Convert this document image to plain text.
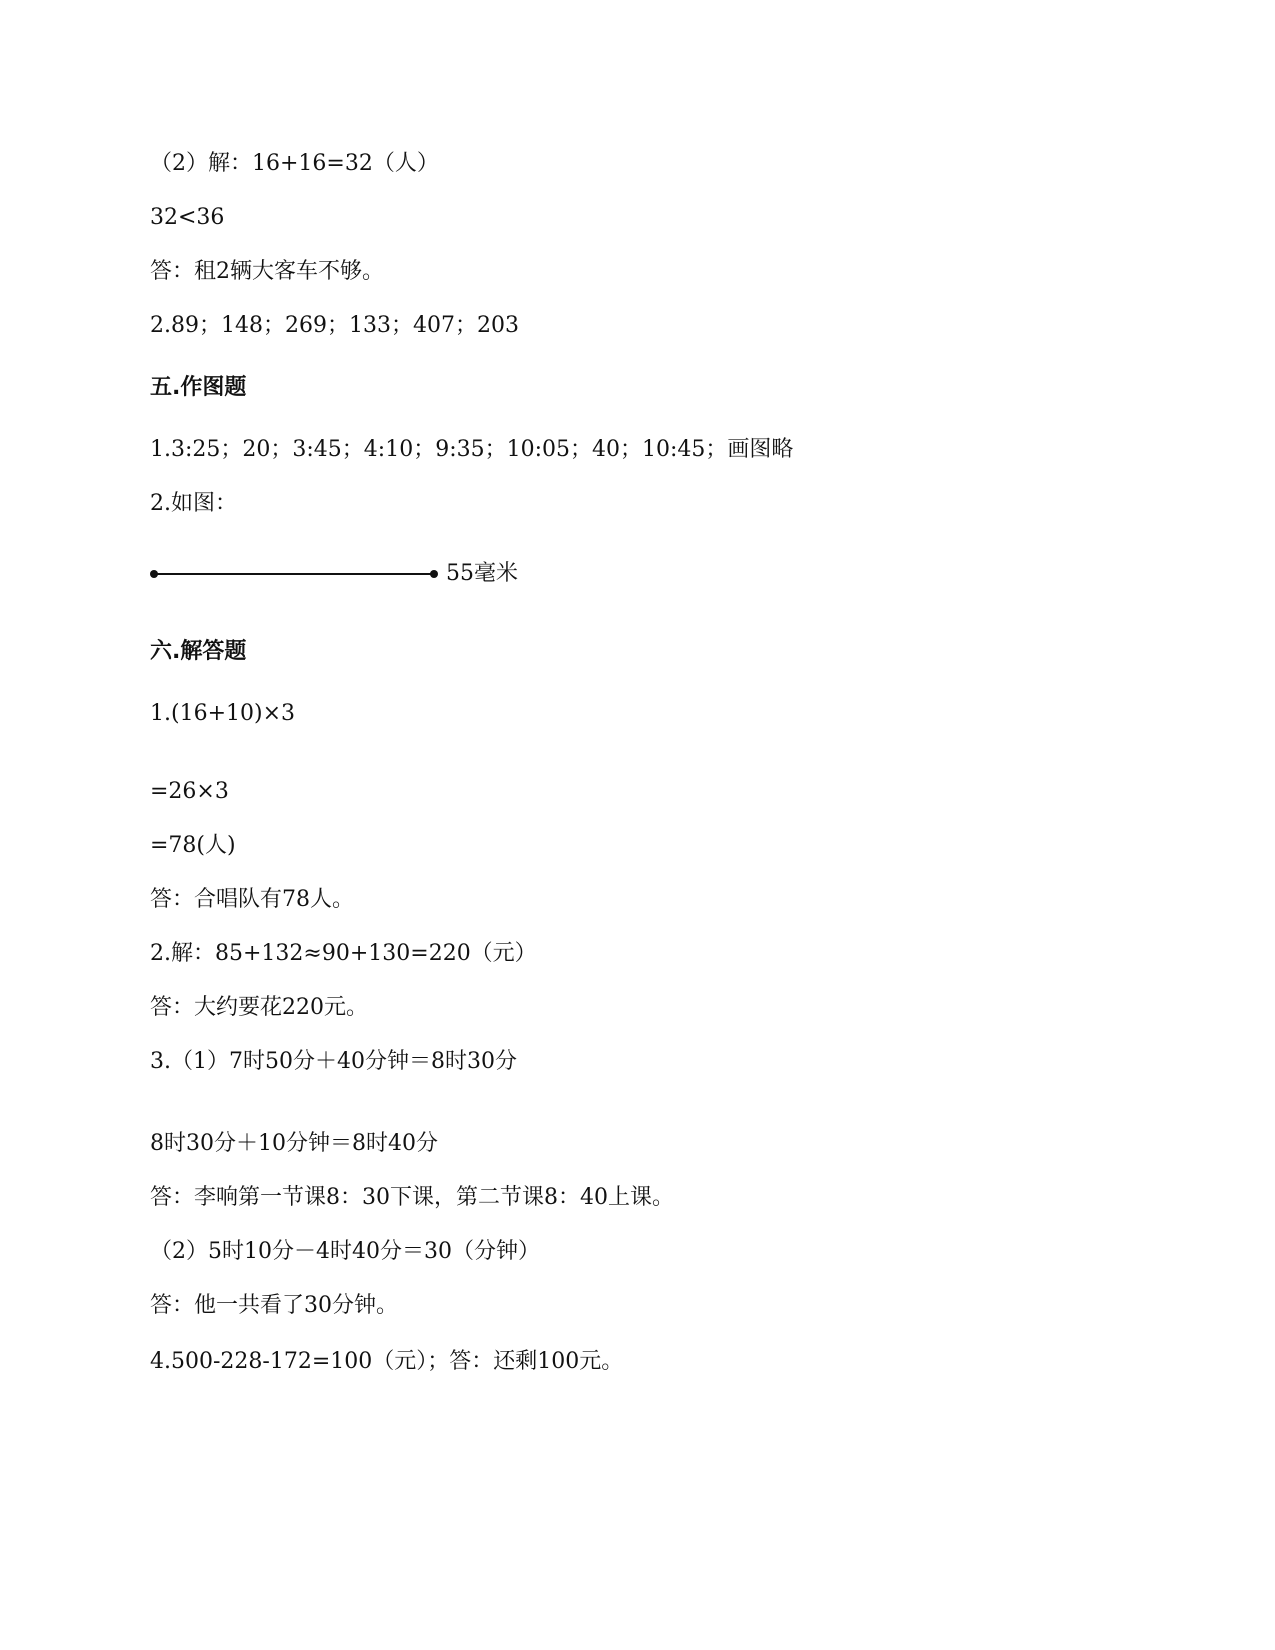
（2）解：16+16=32（人）
32<36
答：租2辆大客车不够。
2.89；148；269；133；407；203
五.作图题
1.3:25；20；3:45；4:10；9:35；10:05；40；10:45；画图略
2.如图：
55毫米
六.解答题
1.(16+10)×3
=26×3
=78(人)
答：合唱队有78人。
2.解：85+132≈90+130=220（元）
答：大约要花220元。
3.（1）7时50分＋40分钟＝8时30分
8时30分＋10分钟＝8时40分
答：李响第一节课8：30下课，第二节课8：40上课。
（2）5时10分－4时40分＝30（分钟）
答：他一共看了30分钟。
4.500-228-172=100（元）；答：还剩100元。
